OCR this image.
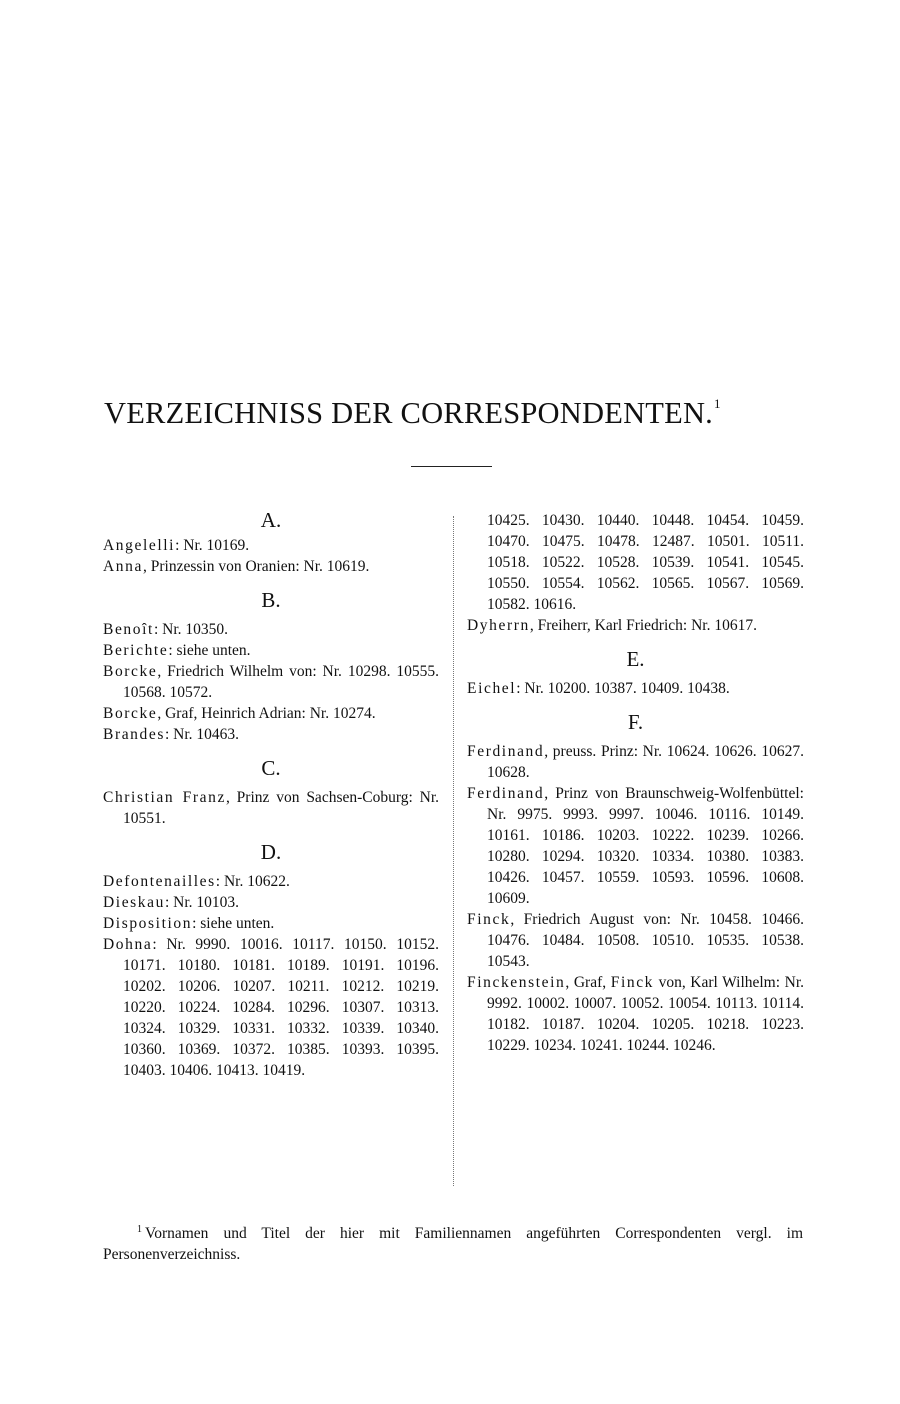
VERZEICHNISS DER CORRESPONDENTEN.$^1$
A.
Angelelli: Nr. 10169.
Anna, Prinzessin von Oranien: Nr. 10619.
B.
Benoît: Nr. 10350.
Berichte: siehe unten.
Borcke, Friedrich Wilhelm von: Nr. 10298. 10555. 10568. 10572.
Borcke, Graf, Heinrich Adrian: Nr. 10274.
Brandes: Nr. 10463.
C.
Christian Franz, Prinz von Sachsen-Coburg: Nr. 10551.
D.
Defontenailles: Nr. 10622.
Dieskau: Nr. 10103.
Disposition: siehe unten.
Dohna: Nr. 9990. 10016. 10117. 10150. 10152. 10171. 10180. 10181. 10189. 10191. 10196. 10202. 10206. 10207. 10211. 10212. 10219. 10220. 10224. 10284. 10296. 10307. 10313. 10324. 10329. 10331. 10332. 10339. 10340. 10360. 10369. 10372. 10385. 10393. 10395. 10403. 10406. 10413. 10419.
10425. 10430. 10440. 10448. 10454. 10459. 10470. 10475. 10478. 12487. 10501. 10511. 10518. 10522. 10528. 10539. 10541. 10545. 10550. 10554. 10562. 10565. 10567. 10569. 10582. 10616.
Dyherrn, Freiherr, Karl Friedrich: Nr. 10617.
E.
Eichel: Nr. 10200. 10387. 10409. 10438.
F.
Ferdinand, preuss. Prinz: Nr. 10624. 10626. 10627. 10628.
Ferdinand, Prinz von Braunschweig-Wolfenbüttel: Nr. 9975. 9993. 9997. 10046. 10116. 10149. 10161. 10186. 10203. 10222. 10239. 10266. 10280. 10294. 10320. 10334. 10380. 10383. 10426. 10457. 10559. 10593. 10596. 10608. 10609.
Finck, Friedrich August von: Nr. 10458. 10466. 10476. 10484. 10508. 10510. 10535. 10538. 10543.
Finckenstein, Graf, Finck von, Karl Wilhelm: Nr. 9992. 10002. 10007. 10052. 10054. 10113. 10114. 10182. 10187. 10204. 10205. 10218. 10223. 10229. 10234. 10241. 10244. 10246.
$^1$ Vornamen und Titel der hier mit Familiennamen angeführten Correspondenten vergl. im Personenverzeichniss.
